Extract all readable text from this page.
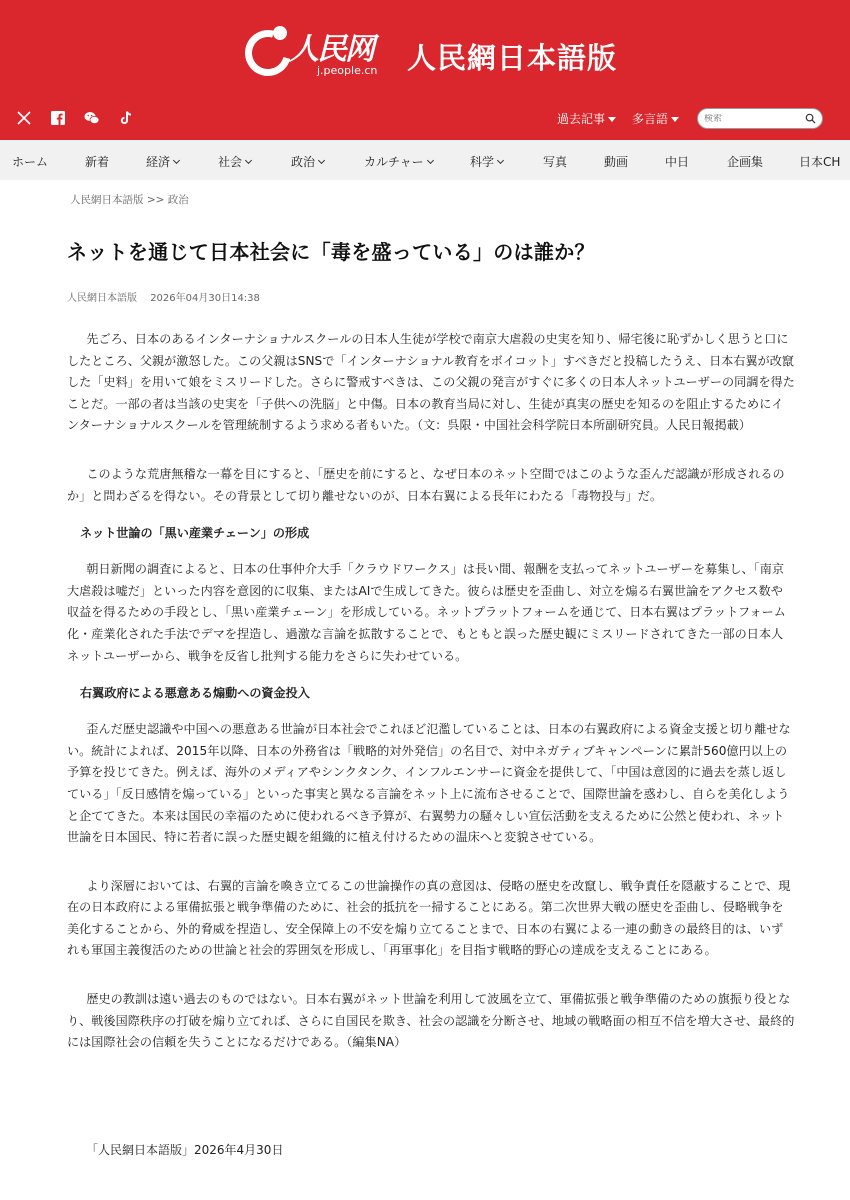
人民网
j.people.cn 人民網日本語版
過去記事	多言語
検索
ホーム	新着	経済	社会	政治	カルチャー	科学	写真	動画	中日	企画集	日本CH
人民網日本語版 >> 政治
ネットを通じて日本社会に「毒を盛っている」のは誰か？
人民網日本語版 2026年04月30日14:38

先ごろ、日本のあるインターナショナルスクールの日本人生徒が学校で南京大虐殺の史実を知り、帰宅後に恥ずかしく思うと口にしたところ、父親が激怒した。この父親はSNSで「インターナショナル教育をボイコット」すべきだと投稿したうえ、日本右翼が改竄した「史料」を用いて娘をミスリードした。さらに警戒すべきは、この父親の発言がすぐに多くの日本人ネットユーザーの同調を得たことだ。一部の者は当該の史実を「子供への洗脳」と中傷。日本の教育当局に対し、生徒が真実の歴史を知るのを阻止するためにインターナショナルスクールを管理統制するよう求める者もいた。（文：呉限・中国社会科学院日本所副研究員。人民日報掲載）

このような荒唐無稽な一幕を目にすると、「歴史を前にすると、なぜ日本のネット空間ではこのような歪んだ認識が形成されるのか」と問わざるを得ない。その背景として切り離せないのが、日本右翼による長年にわたる「毒物投与」だ。

ネット世論の「黒い産業チェーン」の形成

朝日新聞の調査によると、日本の仕事仲介大手「クラウドワークス」は長い間、報酬を支払ってネットユーザーを募集し、「南京大虐殺は嘘だ」といった内容を意図的に収集、またはAIで生成してきた。彼らは歴史を歪曲し、対立を煽る右翼世論をアクセス数や収益を得るための手段とし、「黒い産業チェーン」を形成している。ネットプラットフォームを通じて、日本右翼はプラットフォーム化・産業化された手法でデマを捏造し、過激な言論を拡散することで、もともと誤った歴史観にミスリードされてきた一部の日本人ネットユーザーから、戦争を反省し批判する能力をさらに失わせている。

右翼政府による悪意ある煽動への資金投入

歪んだ歴史認識や中国への悪意ある世論が日本社会でこれほど氾濫していることは、日本の右翼政府による資金支援と切り離せない。統計によれば、2015年以降、日本の外務省は「戦略的対外発信」の名目で、対中ネガティブキャンペーンに累計560億円以上の予算を投じてきた。例えば、海外のメディアやシンクタンク、インフルエンサーに資金を提供して、「中国は意図的に過去を蒸し返している」「反日感情を煽っている」といった事実と異なる言論をネット上に流布させることで、国際世論を惑わし、自らを美化しようと企ててきた。本来は国民の幸福のために使われるべき予算が、右翼勢力の騒々しい宣伝活動を支えるために公然と使われ、ネット世論を日本国民、特に若者に誤った歴史観を組織的に植え付けるための温床へと変貌させている。

より深層においては、右翼的言論を喚き立てるこの世論操作の真の意図は、侵略の歴史を改竄し、戦争責任を隠蔽することで、現在の日本政府による軍備拡張と戦争準備のために、社会的抵抗を一掃することにある。第二次世界大戦の歴史を歪曲し、侵略戦争を美化することから、外的脅威を捏造し、安全保障上の不安を煽り立てることまで、日本の右翼による一連の動きの最終目的は、いずれも軍国主義復活のための世論と社会的雰囲気を形成し、「再軍事化」を目指す戦略的野心の達成を支えることにある。

歴史の教訓は遠い過去のものではない。日本右翼がネット世論を利用して波風を立て、軍備拡張と戦争準備のための旗振り役となり、戦後国際秩序の打破を煽り立てれば、さらに自国民を欺き、社会の認識を分断させ、地域の戦略面の相互不信を増大させ、最終的には国際社会の信頼を失うことになるだけである。（編集NA）

「人民網日本語版」2026年4月30日
